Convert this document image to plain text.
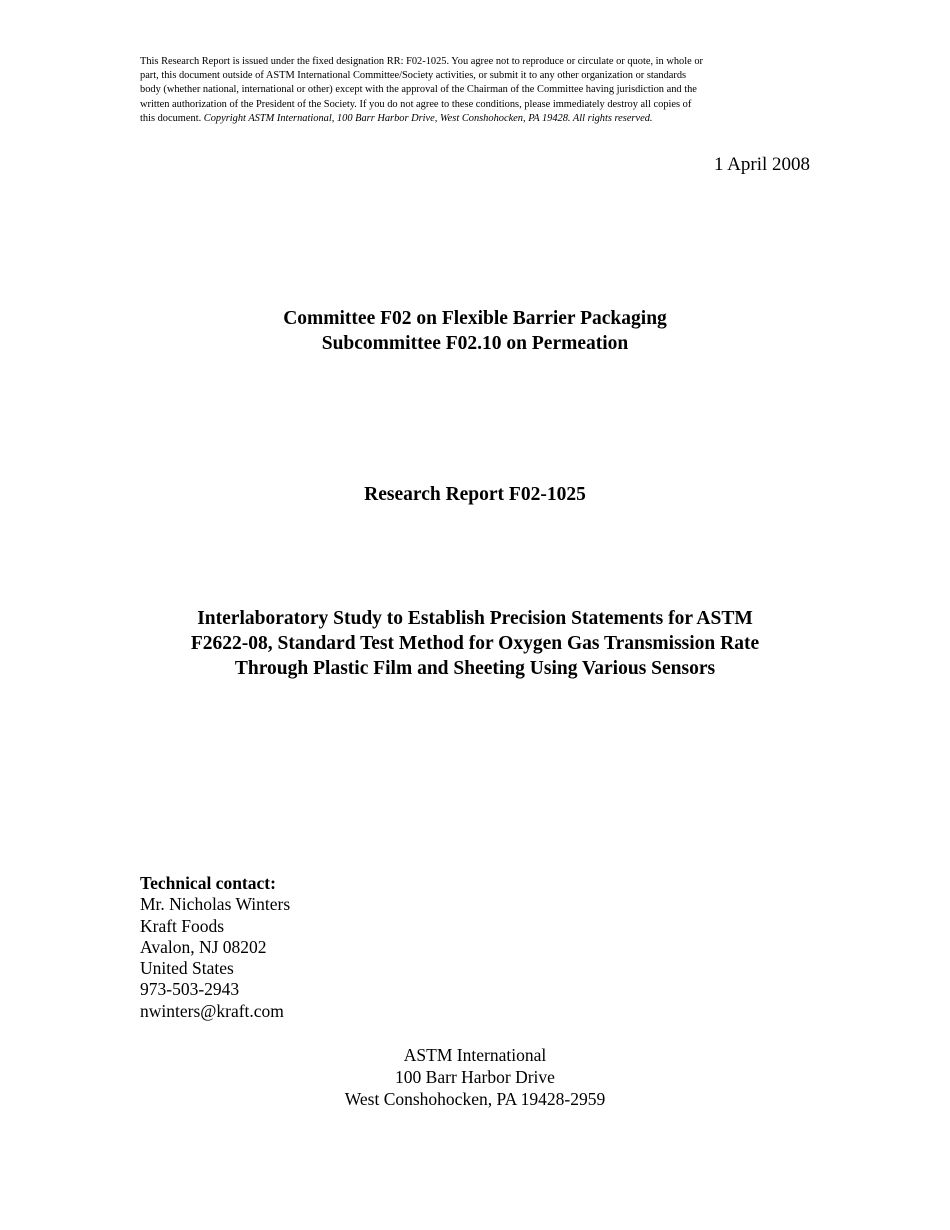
This Research Report is issued under the fixed designation RR: F02-1025. You agree not to reproduce or circulate or quote, in whole or
part, this document outside of ASTM International Committee/Society activities, or submit it to any other organization or standards
body (whether national, international or other) except with the approval of the Chairman of the Committee having jurisdiction and the
written authorization of the President of the Society. If you do not agree to these conditions, please immediately destroy all copies of
this document. Copyright ASTM International, 100 Barr Harbor Drive, West Conshohocken, PA 19428. All rights reserved.
1 April 2008
Committee F02 on Flexible Barrier Packaging
Subcommittee F02.10 on Permeation
Research Report F02-1025
Interlaboratory Study to Establish Precision Statements for ASTM
F2622-08, Standard Test Method for Oxygen Gas Transmission Rate
Through Plastic Film and Sheeting Using Various Sensors
Technical contact:
Mr. Nicholas Winters
Kraft Foods
Avalon, NJ 08202
United States
973-503-2943
nwinters@kraft.com
ASTM International
100 Barr Harbor Drive
West Conshohocken, PA 19428-2959
